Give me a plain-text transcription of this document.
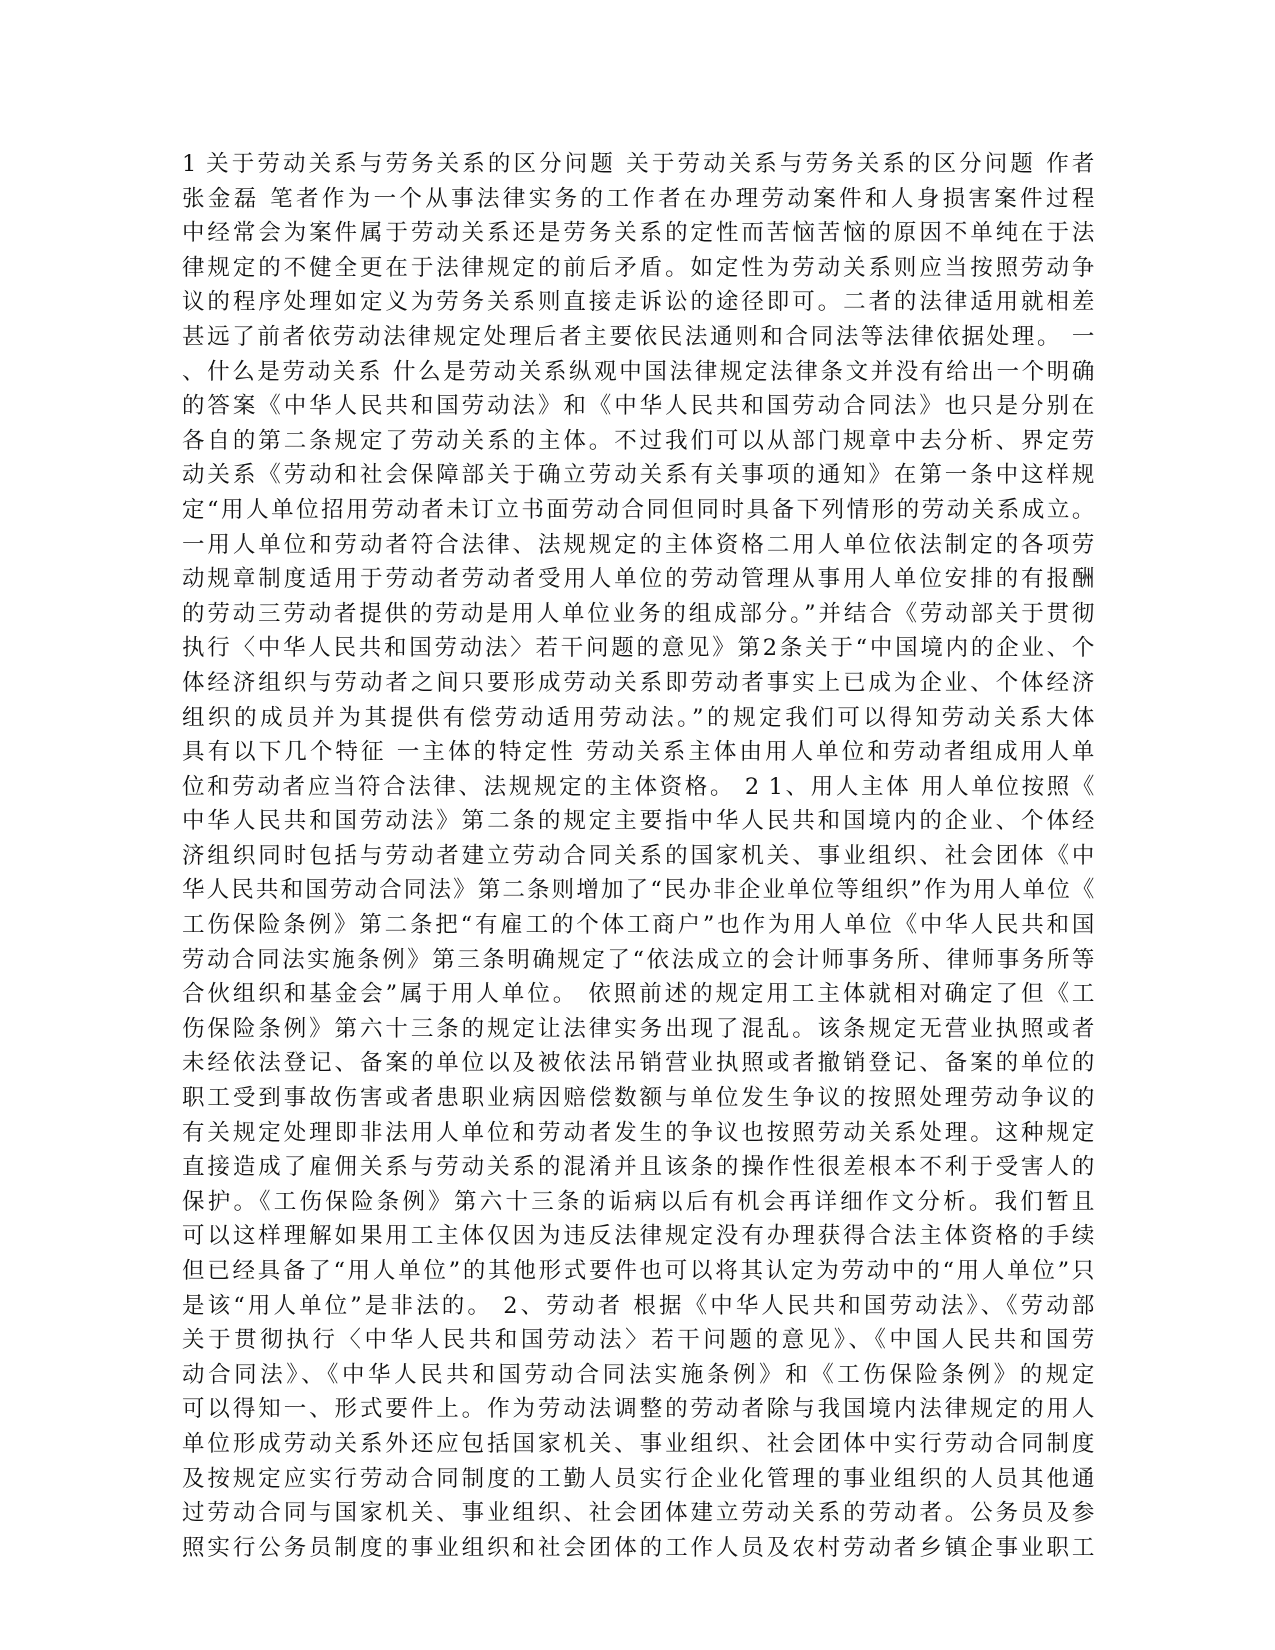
1 关于劳动关系与劳务关系的区分问题 关于劳动关系与劳务关系的区分问题 作者
张金磊 笔者作为一个从事法律实务的工作者在办理劳动案件和人身损害案件过程
中经常会为案件属于劳动关系还是劳务关系的定性而苦恼苦恼的原因不单纯在于法
律规定的不健全更在于法律规定的前后矛盾。如定性为劳动关系则应当按照劳动争
议的程序处理如定义为劳务关系则直接走诉讼的途径即可。二者的法律适用就相差
甚远了前者依劳动法律规定处理后者主要依民法通则和合同法等法律依据处理。 一
、什么是劳动关系 什么是劳动关系纵观中国法律规定法律条文并没有给出一个明确
的答案《中华人民共和国劳动法》和《中华人民共和国劳动合同法》也只是分别在
各自的第二条规定了劳动关系的主体。不过我们可以从部门规章中去分析、界定劳
动关系《劳动和社会保障部关于确立劳动关系有关事项的通知》在第一条中这样规
定“用人单位招用劳动者未订立书面劳动合同但同时具备下列情形的劳动关系成立。
一用人单位和劳动者符合法律、法规规定的主体资格二用人单位依法制定的各项劳
动规章制度适用于劳动者劳动者受用人单位的劳动管理从事用人单位安排的有报酬
的劳动三劳动者提供的劳动是用人单位业务的组成部分。”并结合《劳动部关于贯彻
执行〈中华人民共和国劳动法〉若干问题的意见》第2条关于“中国境内的企业、个
体经济组织与劳动者之间只要形成劳动关系即劳动者事实上已成为企业、个体经济
组织的成员并为其提供有偿劳动适用劳动法。”的规定我们可以得知劳动关系大体
具有以下几个特征 一主体的特定性 劳动关系主体由用人单位和劳动者组成用人单
位和劳动者应当符合法律、法规规定的主体资格。 2 1、用人主体 用人单位按照《
中华人民共和国劳动法》第二条的规定主要指中华人民共和国境内的企业、个体经
济组织同时包括与劳动者建立劳动合同关系的国家机关、事业组织、社会团体《中
华人民共和国劳动合同法》第二条则增加了“民办非企业单位等组织”作为用人单位《
工伤保险条例》第二条把“有雇工的个体工商户”也作为用人单位《中华人民共和国
劳动合同法实施条例》第三条明确规定了“依法成立的会计师事务所、律师事务所等
合伙组织和基金会”属于用人单位。 依照前述的规定用工主体就相对确定了但《工
伤保险条例》第六十三条的规定让法律实务出现了混乱。该条规定无营业执照或者
未经依法登记、备案的单位以及被依法吊销营业执照或者撤销登记、备案的单位的
职工受到事故伤害或者患职业病因赔偿数额与单位发生争议的按照处理劳动争议的
有关规定处理即非法用人单位和劳动者发生的争议也按照劳动关系处理。这种规定
直接造成了雇佣关系与劳动关系的混淆并且该条的操作性很差根本不利于受害人的
保护。《工伤保险条例》第六十三条的诟病以后有机会再详细作文分析。我们暂且
可以这样理解如果用工主体仅因为违反法律规定没有办理获得合法主体资格的手续
但已经具备了“用人单位”的其他形式要件也可以将其认定为劳动中的“用人单位”只
是该“用人单位”是非法的。 2、劳动者 根据《中华人民共和国劳动法》、《劳动部
关于贯彻执行〈中华人民共和国劳动法〉若干问题的意见》、《中国人民共和国劳
动合同法》、《中华人民共和国劳动合同法实施条例》和《工伤保险条例》的规定
可以得知一、形式要件上。作为劳动法调整的劳动者除与我国境内法律规定的用人
单位形成劳动关系外还应包括国家机关、事业组织、社会团体中实行劳动合同制度
及按规定应实行劳动合同制度的工勤人员实行企业化管理的事业组织的人员其他通
过劳动合同与国家机关、事业组织、社会团体建立劳动关系的劳动者。公务员及参
照实行公务员制度的事业组织和社会团体的工作人员及农村劳动者乡镇企事业职工
